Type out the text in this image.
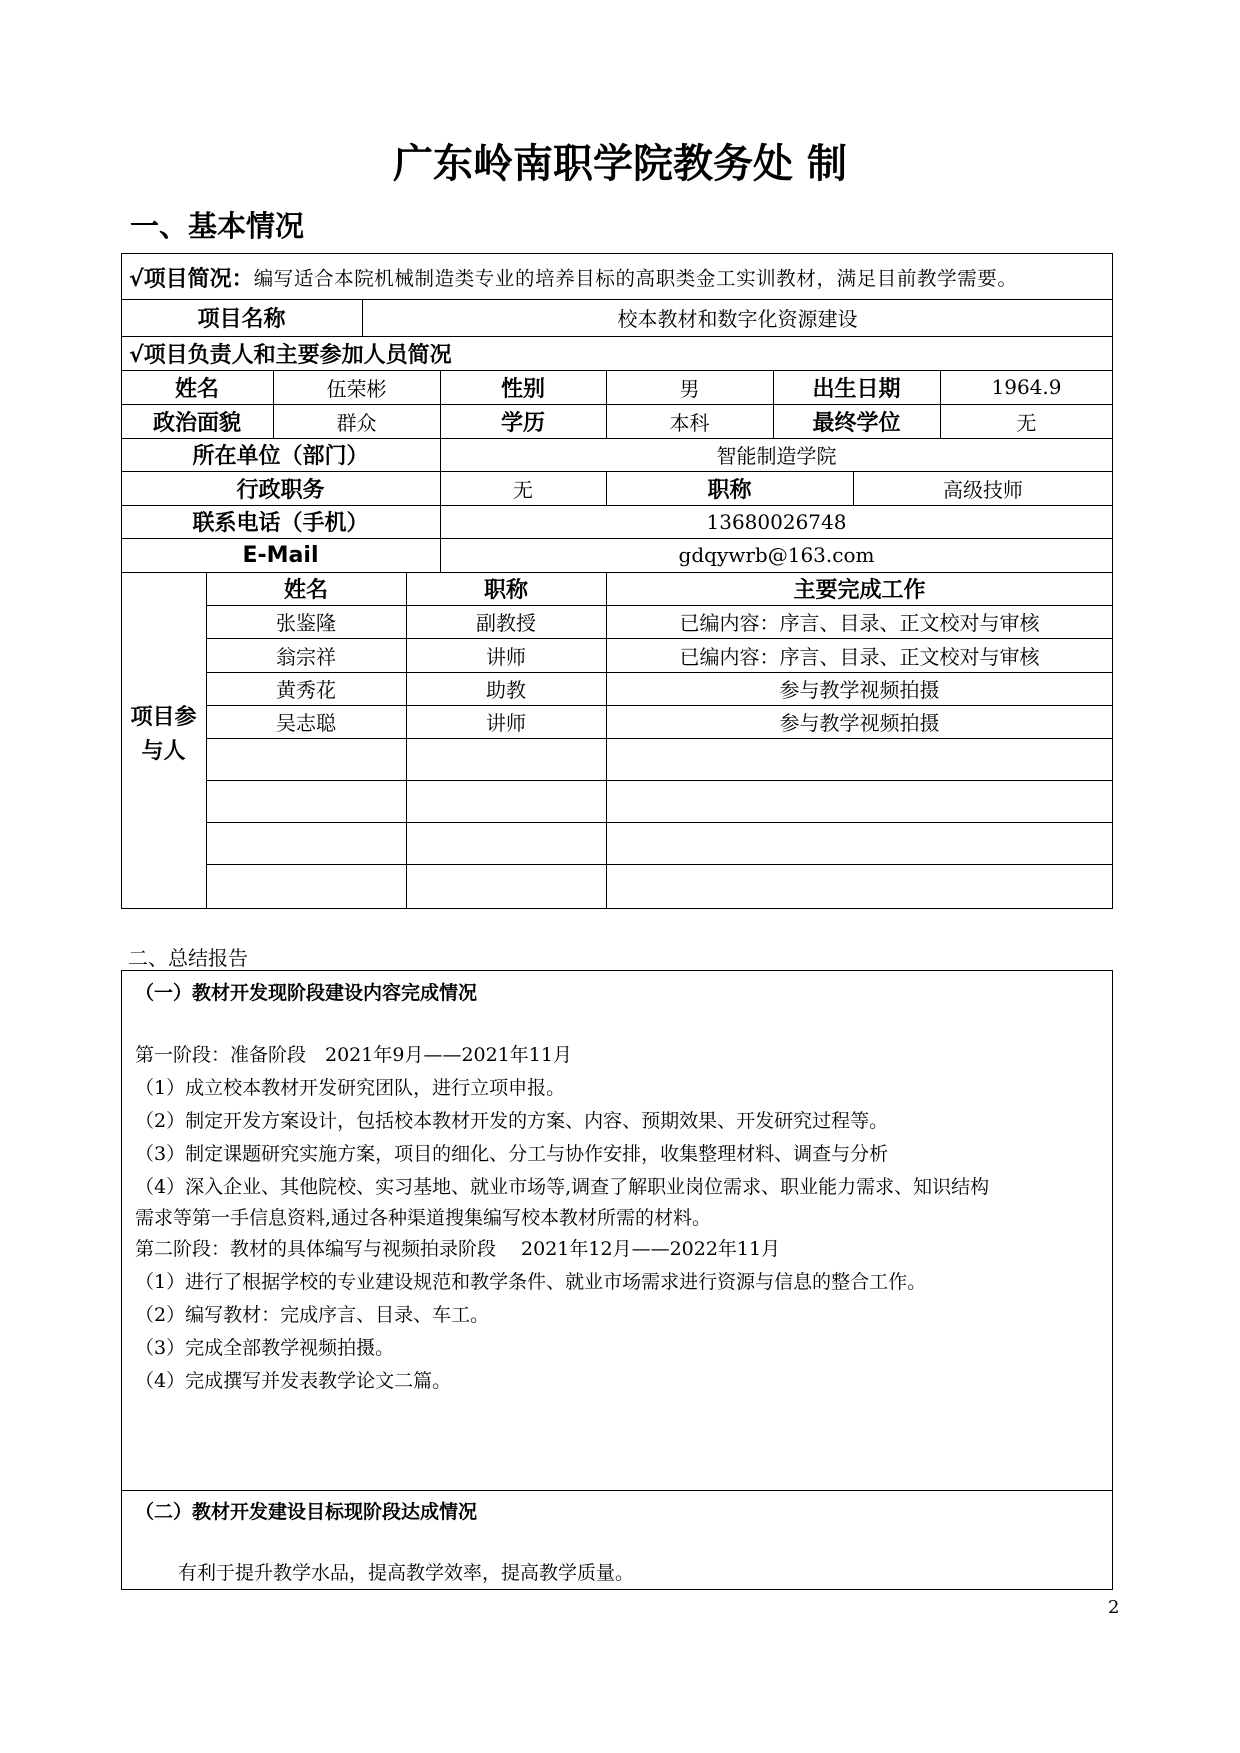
广东岭南职学院教务处 制
一、基本情况
√项目简况： 编写适合本院机械制造类专业的培养目标的高职类金工实训教材，满足目前教学需要。
项目名称	校本教材和数字化资源建设
√项目负责人和主要参加人员简况
姓名	伍荣彬	性别	男	出生日期	1964.9
政治面貌	群众	学历	本科	最终学位	无
所在单位（部门）	智能制造学院
行政职务	无	职称	高级技师
联系电话（手机）	13680026748
E-Mail	gdqywrb@163.com
项目参
与人
姓名	职称	主要完成工作
张鉴隆	副教授	已编内容：序言、目录、正文校对与审核
翁宗祥	讲师	已编内容：序言、目录、正文校对与审核
黄秀花	助教	参与教学视频拍摄
吴志聪	讲师	参与教学视频拍摄
二、总结报告
（一）教材开发现阶段建设内容完成情况
第一阶段：准备阶段　2021年9月——2021年11月
（1）成立校本教材开发研究团队，进行立项申报。
（2）制定开发方案设计，包括校本教材开发的方案、内容、预期效果、开发研究过程等。
（3）制定课题研究实施方案，项目的细化、分工与协作安排，收集整理材料、调查与分析
（4）深入企业、其他院校、实习基地、就业市场等,调查了解职业岗位需求、职业能力需求、知识结构
需求等第一手信息资料,通过各种渠道搜集编写校本教材所需的材料。
第二阶段：教材的具体编写与视频拍录阶段　 2021年12月——2022年11月
（1）进行了根据学校的专业建设规范和教学条件、就业市场需求进行资源与信息的整合工作。
（2）编写教材：完成序言、目录、车工。
（3）完成全部教学视频拍摄。
（4）完成撰写并发表教学论文二篇。
（二）教材开发建设目标现阶段达成情况
有利于提升教学水品，提高教学效率，提高教学质量。
2
